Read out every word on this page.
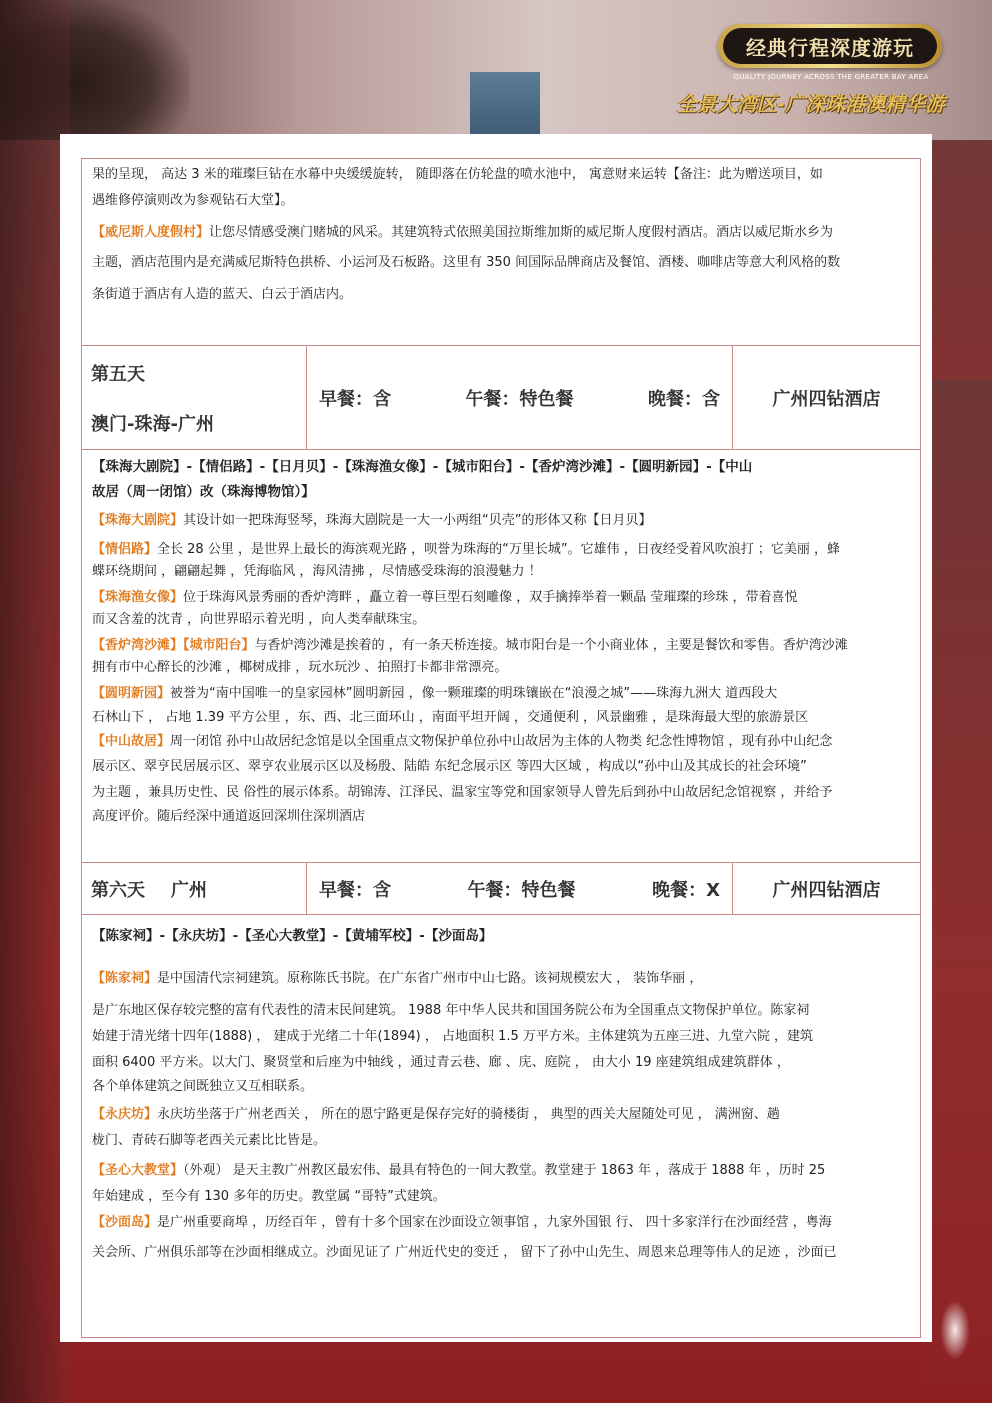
经典行程深度游玩
QUALITY JOURNEY ACROSS THE GREATER BAY AREA
全景大湾区-广深珠港澳精华游

果的呈现， 高达 3 米的璀璨巨钻在水幕中央缓缓旋转， 随即落在仿轮盘的喷水池中， 寓意财来运转【备注：此为赠送项目，如

遇维修停演则改为参观钻石大堂】。

【威尼斯人度假村】让您尽情感受澳门赌城的风采。其建筑特式依照美国拉斯维加斯的威尼斯人度假村酒店。酒店以威尼斯水乡为

主题，酒店范围内是充满威尼斯特色拱桥、小运河及石板路。这里有 350 间国际品牌商店及餐馆、酒楼、咖啡店等意大利风格的数

条街道于酒店有人造的蓝天、白云于酒店内。

第五天
澳门-珠海-广州
早餐：含	午餐：特色餐	晚餐：含	广州四钻酒店
【珠海大剧院】-【情侣路】-【日月贝】-【珠海渔女像】-【城市阳台】-【香炉湾沙滩】-【圆明新园】-【中山
故居（周一闭馆）改（珠海博物馆）】

【珠海大剧院】其设计如一把珠海竖琴，珠海大剧院是一大一小两组“贝壳”的形体又称【日月贝】

【情侣路】全长 28 公里 ，是世界上最长的海滨观光路 ，呗誉为珠海的“万里长城”。它雄伟 ，日夜经受着风吹浪打 ；它美丽 ，蜂

蝶环绕期间 ，翩翩起舞 ，凭海临风 ，海风清拂 ，尽情感受珠海的浪漫魅力 ！

【珠海渔女像】位于珠海风景秀丽的香炉湾畔 ，矗立着一尊巨型石刻雕像 ，双手擒捧举着一颗晶 莹璀璨的珍珠 ，带着喜悦

而又含羞的沈青 ，向世界昭示着光明 ，向人类奉献珠宝。

【香炉湾沙滩】【城市阳台】与香炉湾沙滩是挨着的 ，有一条天桥连接。城市阳台是一个小商业体 ，主要是餐饮和零售。香炉湾沙滩

拥有市中心醉长的沙滩 ，椰树成排 ，玩水玩沙 、拍照打卡都非常漂亮。

【圆明新园】被誉为“南中国唯一的皇家园林”圆明新园 ，像一颗璀璨的明珠镶嵌在“浪漫之城”——珠海九洲大 道西段大

石林山下 ， 占地 1.39 平方公里 ，东、西、北三面环山 ，南面平坦开阔 ，交通便利 ，风景幽雅 ，是珠海最大型的旅游景区

【中山故居】周一闭馆 孙中山故居纪念馆是以全国重点文物保护单位孙中山故居为主体的人物类 纪念性博物馆 ，现有孙中山纪念

展示区、翠亨民居展示区、翠亨农业展示区以及杨殷、陆皓 东纪念展示区 等四大区域 ，构成以“孙中山及其成长的社会环境”

为主题 ，兼具历史性、民 俗性的展示体系。胡锦涛、江泽民、温家宝等党和国家领导人曾先后到孙中山故居纪念馆视察 ，并给予

高度评价。随后经深中通道返回深圳住深圳酒店

第六天 广州	早餐：含	午餐：特色餐	晚餐：X	广州四钻酒店
【陈家祠】-【永庆坊】-【圣心大教堂】-【黄埔军校】-【沙面岛】

【陈家祠】是中国清代宗祠建筑。原称陈氏书院。在广东省广州市中山七路。该祠规模宏大 ， 装饰华丽 ，

是广东地区保存较完整的富有代表性的清末民间建筑。 1988 年中华人民共和国国务院公布为全国重点文物保护单位。陈家祠

始建于清光绪十四年(1888) ， 建成于光绪二十年(1894) ， 占地面积 1.5 万平方米。主体建筑为五座三进、九堂六院 ，建筑

面积 6400 平方米。以大门、聚贤堂和后座为中轴线 ，通过青云巷、廊 、庑、庭院 ， 由大小 19 座建筑组成建筑群体 ，

各个单体建筑之间既独立又互相联系。

【永庆坊】永庆坊坐落于广州老西关 ， 所在的恩宁路更是保存完好的骑楼街 ， 典型的西关大屋随处可见 ， 满洲窗、趟

栊门、青砖石脚等老西关元素比比皆是。

【圣心大教堂】（外观） 是天主教广州教区最宏伟、最具有特色的一间大教堂。教堂建于 1863 年 ，落成于 1888 年 ，历时 25

年始建成 ，至今有 130 多年的历史。教堂属 “哥特”式建筑。

【沙面岛】是广州重要商埠 ，历经百年 ，曾有十多个国家在沙面设立领事馆 ，九家外国银 行、 四十多家洋行在沙面经营 ，粤海

关会所、广州俱乐部等在沙面相继成立。沙面见证了 广州近代史的变迁 ， 留下了孙中山先生、周恩来总理等伟人的足迹 ，沙面已
